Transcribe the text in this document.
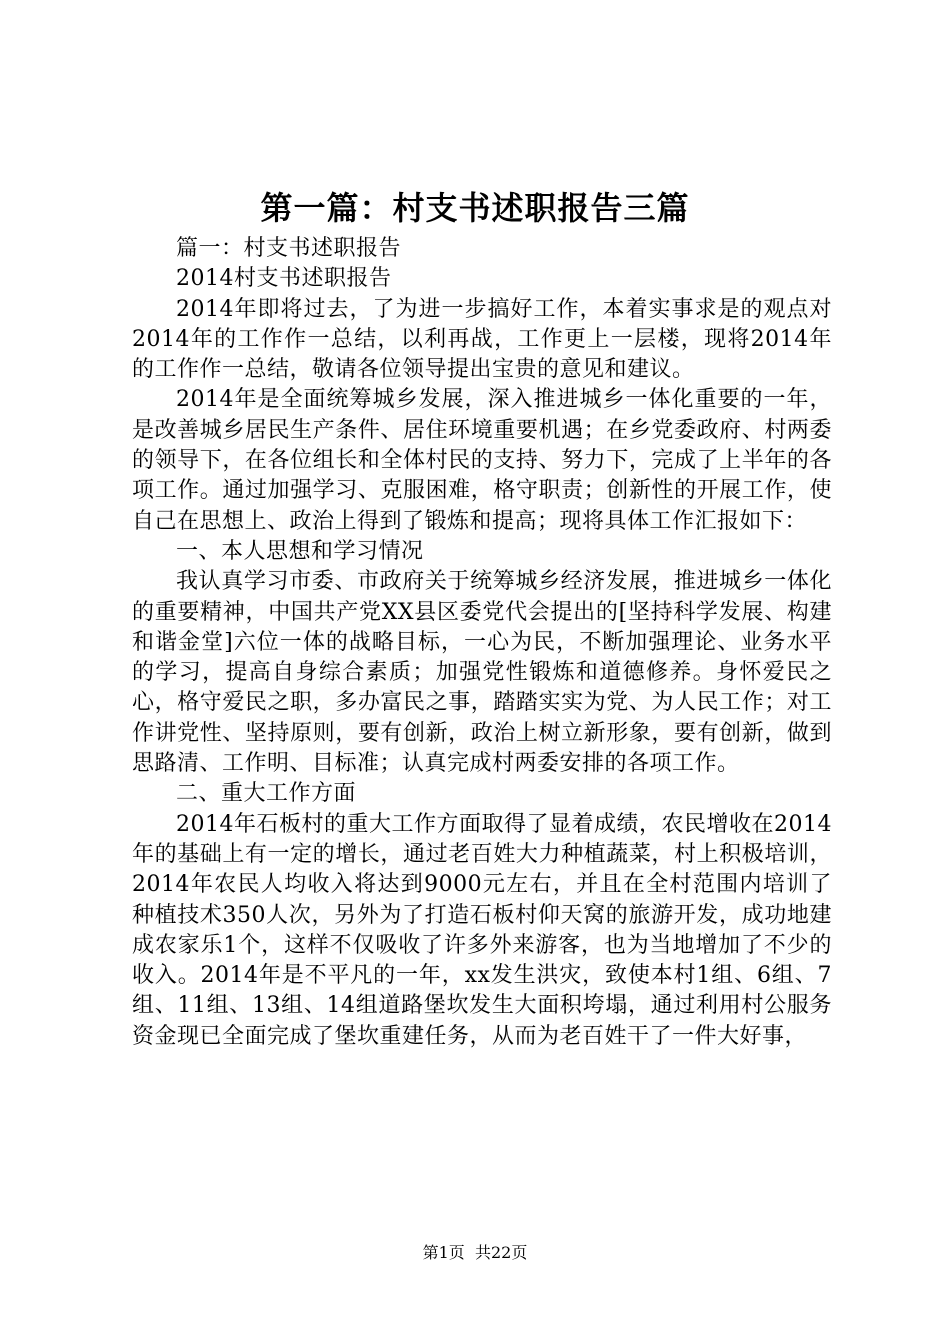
第一篇：村支书述职报告三篇

篇一：村支书述职报告

2014村支书述职报告

2014年即将过去，了为进一步搞好工作，本着实事求是的观点对2014年的工作作一总结，以利再战，工作更上一层楼，现将2014年的工作作一总结，敬请各位领导提出宝贵的意见和建议。

2014年是全面统筹城乡发展，深入推进城乡一体化重要的一年，是改善城乡居民生产条件、居住环境重要机遇；在乡党委政府、村两委的领导下，在各位组长和全体村民的支持、努力下，完成了上半年的各项工作。通过加强学习、克服困难，格守职责；创新性的开展工作，使自己在思想上、政治上得到了锻炼和提高；现将具体工作汇报如下：

一、本人思想和学习情况

我认真学习市委、市政府关于统筹城乡经济发展，推进城乡一体化的重要精神，中国共产党XX县区委党代会提出的[坚持科学发展、构建和谐金堂]六位一体的战略目标，一心为民，不断加强理论、业务水平的学习，提高自身综合素质；加强党性锻炼和道德修养。身怀爱民之心，格守爱民之职，多办富民之事，踏踏实实为党、为人民工作；对工作讲党性、坚持原则，要有创新，政治上树立新形象，要有创新，做到思路清、工作明、目标准；认真完成村两委安排的各项工作。

二、重大工作方面

2014年石板村的重大工作方面取得了显着成绩，农民增收在2014年的基础上有一定的增长，通过老百姓大力种植蔬菜，村上积极培训，2014年农民人均收入将达到9000元左右，并且在全村范围内培训了种植技术350人次，另外为了打造石板村仰天窝的旅游开发，成功地建成农家乐1个，这样不仅吸收了许多外来游客，也为当地增加了不少的收入。2014年是不平凡的一年，xx发生洪灾，致使本村1组、6组、7组、11组、13组、14组道路堡坎发生大面积垮塌，通过利用村公服务资金现已全面完成了堡坎重建任务，从而为老百姓干了一件大好事，

第1页 共22页
